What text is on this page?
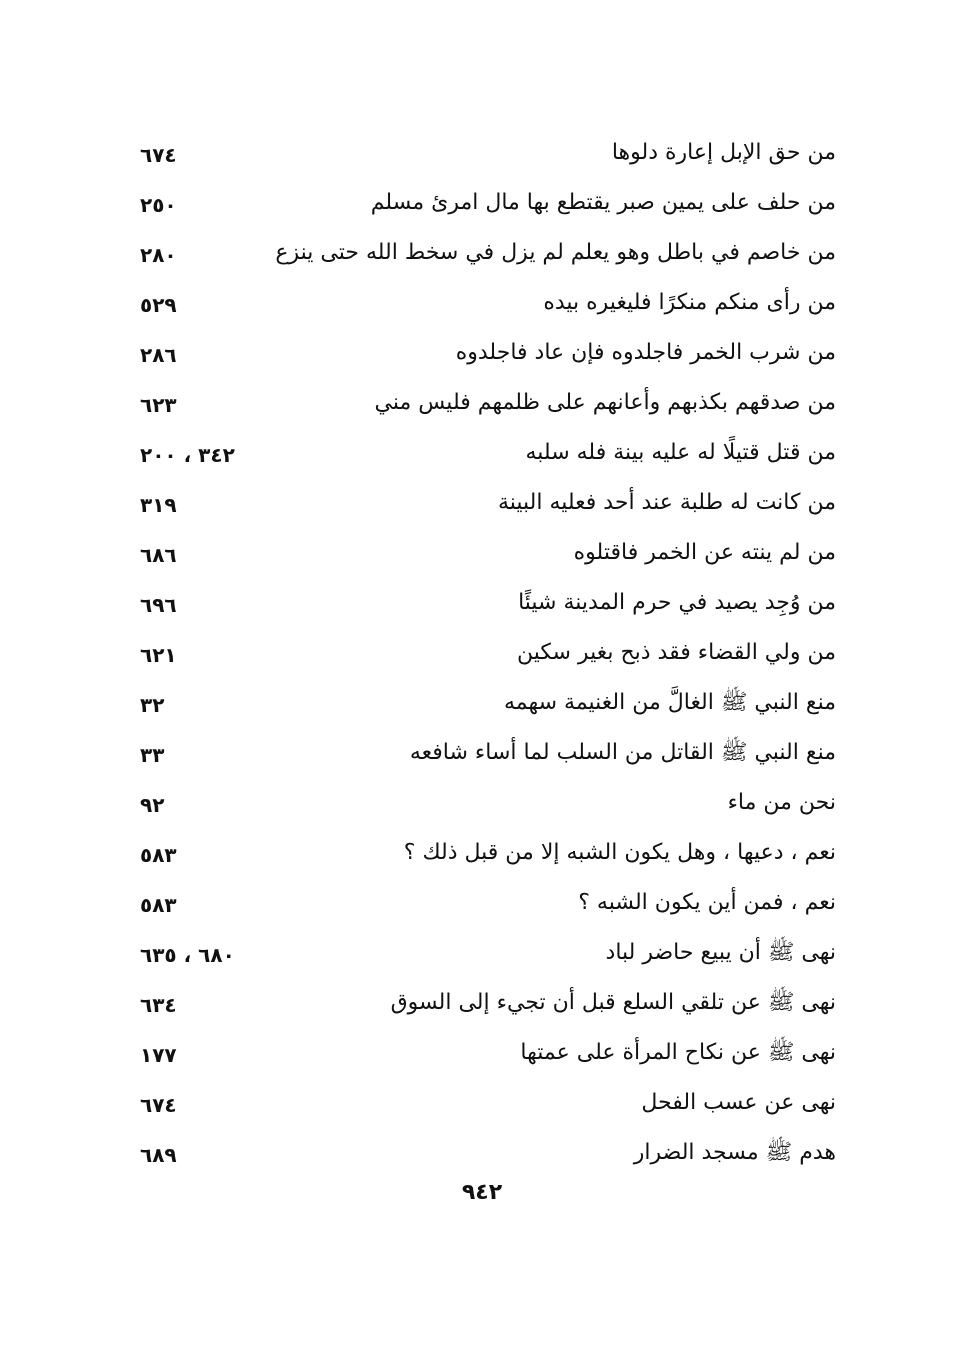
من حق الإبل إعارة دلوها
٦٧٤
من حلف على يمين صبر يقتطع بها مال امرئ مسلم
٢٥٠
من خاصم في باطل وهو يعلم لم يزل في سخط الله حتى ينزع
٢٨٠
من رأى منكم منكرًا فليغيره بيده
٥٢٩
من شرب الخمر فاجلدوه فإن عاد فاجلدوه
٢٨٦
من صدقهم بكذبهم وأعانهم على ظلمهم فليس مني
٦٢٣
من قتل قتيلًا له عليه بينة فله سلبه
٣٤٢ ، ٢٠٠
من كانت له طلبة عند أحد فعليه البينة
٣١٩
من لم ينته عن الخمر فاقتلوه
٦٨٦
من وُجِد يصيد في حرم المدينة شيئًا
٦٩٦
من ولي القضاء فقد ذبح بغير سكين
٦٢١
منع النبي ﷺ الغالَّ من الغنيمة سهمه
٣٢
منع النبي ﷺ القاتل من السلب لما أساء شافعه
٣٣
نحن من ماء
٩٢
نعم ، دعيها ، وهل يكون الشبه إلا من قبل ذلك ؟
٥٨٣
نعم ، فمن أين يكون الشبه ؟
٥٨٣
نهى ﷺ أن يبيع حاضر لباد
٦٨٠ ، ٦٣٥
نهى ﷺ عن تلقي السلع قبل أن تجيء إلى السوق
٦٣٤
نهى ﷺ عن نكاح المرأة على عمتها
١٧٧
نهى عن عسب الفحل
٦٧٤
هدم ﷺ مسجد الضرار
٦٨٩
٩٤٢
